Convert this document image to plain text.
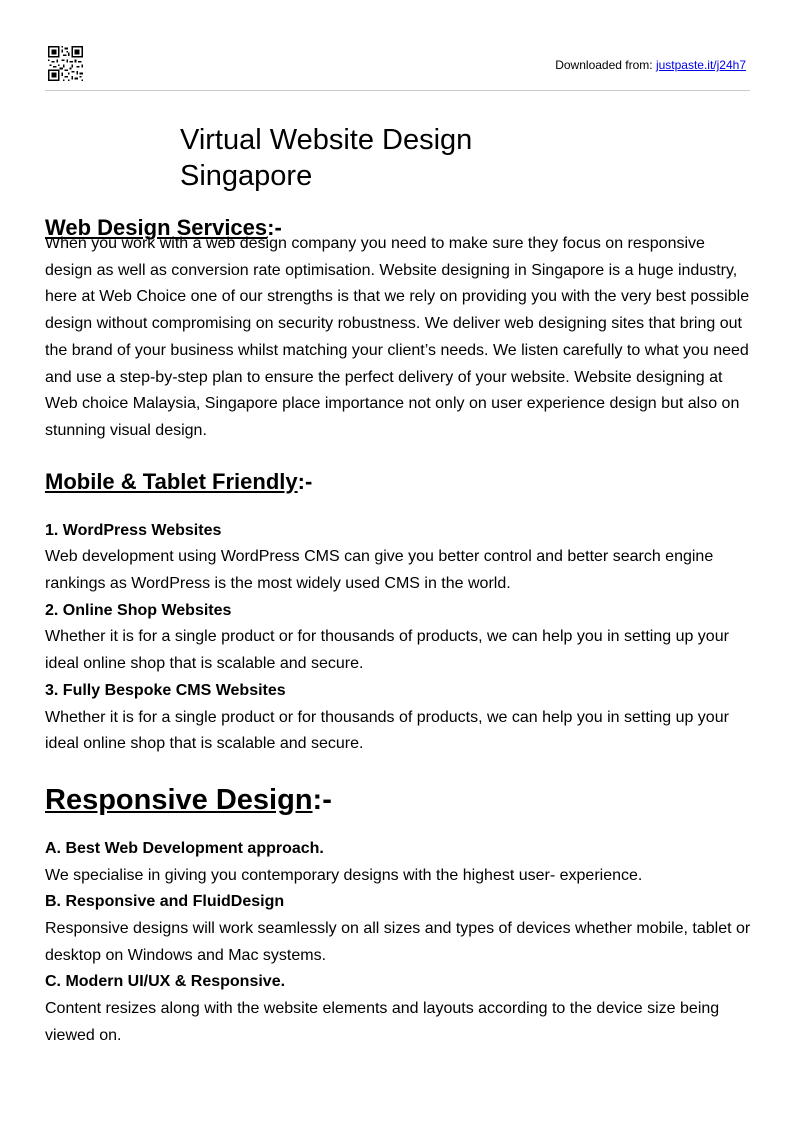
Downloaded from: justpaste.it/j24h7
Virtual Website Design
Singapore
Web Design Services:-

When you work with a web design company you need to make sure they focus on responsive design as well as conversion rate optimisation. Website designing in Singapore is a huge industry, here at Web Choice one of our strengths is that we rely on providing you with the very best possible design without compromising on security robustness. We deliver web designing sites that bring out the brand of your business whilst matching your client’s needs. We listen carefully to what you need and use a step-by-step plan to ensure the perfect delivery of your website. Website designing at Web choice Malaysia, Singapore place importance not only on user experience design but also on stunning visual design.

Mobile & Tablet Friendly:-

1. WordPress Websites

Web development using WordPress CMS can give you better control and better search engine rankings as WordPress is the most widely used CMS in the world.

2. Online Shop Websites

Whether it is for a single product or for thousands of products, we can help you in setting up your ideal online shop that is scalable and secure.

3. Fully Bespoke CMS Websites

Whether it is for a single product or for thousands of products, we can help you in setting up your ideal online shop that is scalable and secure.

Responsive Design:-

A. Best Web Development approach.

We specialise in giving you contemporary designs with the highest user- experience.

B. Responsive and FluidDesign

Responsive designs will work seamlessly on all sizes and types of devices whether mobile, tablet or desktop on Windows and Mac systems.

C. Modern UI/UX & Responsive.

Content resizes along with the website elements and layouts according to the device size being viewed on.
